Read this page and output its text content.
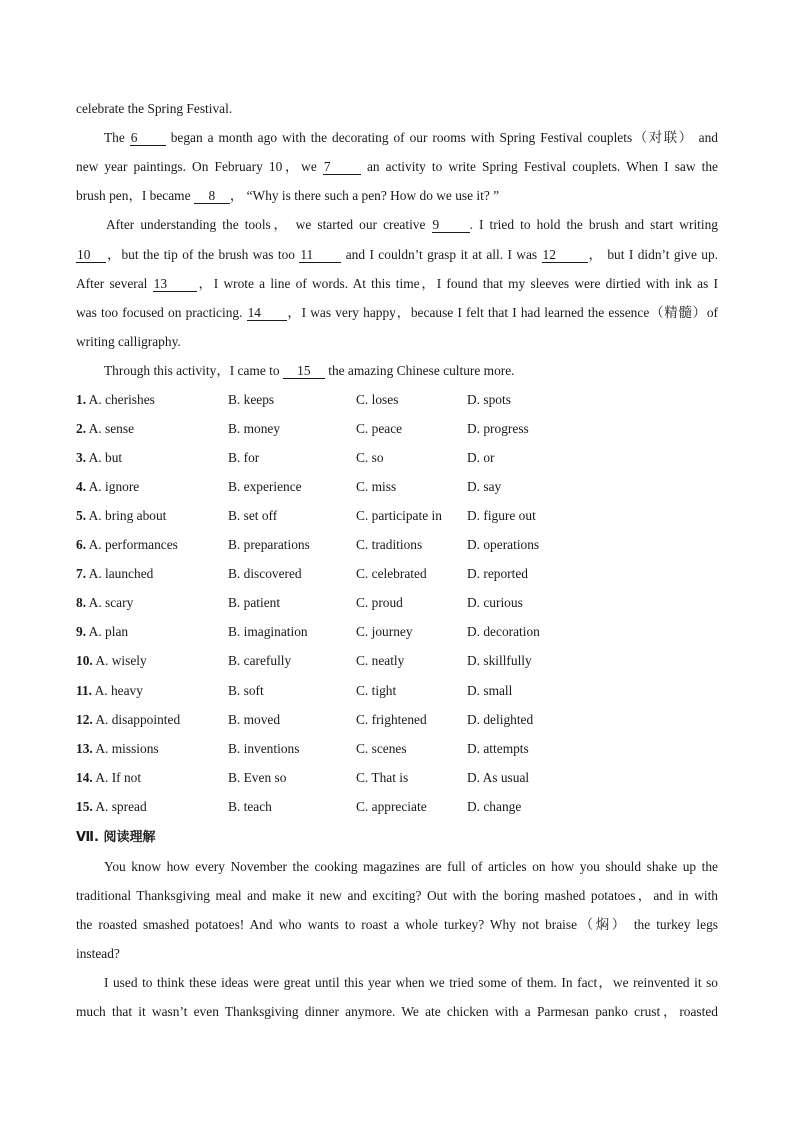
celebrate the Spring Festival.
The 6 began a month ago with the decorating of our rooms with Spring Festival couplets（对联） and
new year paintings. On February 10，we 7 an activity to write Spring Festival couplets. When I saw the
brush pen，I became 8 ， “Why is there such a pen? How do we use it? ”
After understanding the tools， we started our creative 9 . I tried to hold the brush and start writing
10 ，but the tip of the brush was too 11 and I couldn’t grasp it at all. I was 12 ， but I didn’t give up.
After several 13 ，I wrote a line of words. At this time，I found that my sleeves were dirtied with ink as I
was too focused on practicing. 14 ，I was very happy，because I felt that I had learned the essence（精髓）of
writing calligraphy.
Through this activity，I came to 15 the amazing Chinese culture more.
1. A. cherishes	B. keeps	C. loses	D. spots
2. A. sense	B. money	C. peace	D. progress
3. A. but	B. for	C. so	D. or
4. A. ignore	B. experience	C. miss	D. say
5. A. bring about	B. set off	C. participate in D. figure out
6. A. performances	B. preparations	C. traditions	D. operations
7. A. launched	B. discovered	C. celebrated	D. reported
8. A. scary	B. patient	C. proud	D. curious
9. A. plan	B. imagination	C. journey	D. decoration
10. A. wisely	B. carefully	C. neatly	D. skillfully
11. A. heavy	B. soft	C. tight	D. small
12. A. disappointed	B. moved	C. frightened	D. delighted
13. A. missions	B. inventions	C. scenes	D. attempts
14. A. If not	B. Even so	C. That is	D. As usual
15. A. spread	B. teach	C. appreciate	D. change
Ⅶ. 阅读理解
You know how every November the cooking magazines are full of articles on how you should shake up the
traditional Thanksgiving meal and make it new and exciting? Out with the boring mashed potatoes，and in with
the roasted smashed potatoes! And who wants to roast a whole turkey? Why not braise（焖） the turkey legs
instead?
I used to think these ideas were great until this year when we tried some of them. In fact，we reinvented it so
much that it wasn’t even Thanksgiving dinner anymore. We ate chicken with a Parmesan panko crust，roasted
